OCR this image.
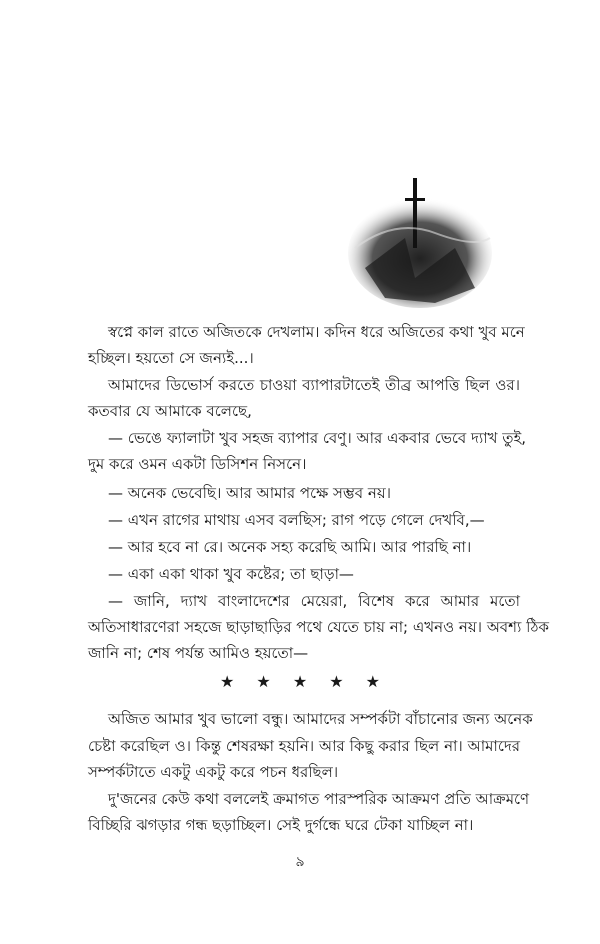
স্বপ্নে কাল রাতে অজিতকে দেখলাম। কদিন ধরে অজিতের কথা খুব মনে
হচ্ছিল। হয়তো সে জন্যই...।
আমাদের ডিভোর্স করতে চাওয়া ব্যাপারটাতেই তীব্র আপত্তি ছিল ওর।
কতবার যে আমাকে বলেছে,
— ভেঙে ফ্যালাটা খুব সহজ ব্যাপার বেণু। আর একবার ভেবে দ্যাখ তুই,
দুম করে ওমন একটা ডিসিশন নিসনে।
— অনেক ভেবেছি। আর আমার পক্ষে সম্ভব নয়।
— এখন রাগের মাথায় এসব বলছিস; রাগ পড়ে গেলে দেখবি,—
— আর হবে না রে। অনেক সহ্য করেছি আমি। আর পারছি না।
— একা একা থাকা খুব কষ্টের; তা ছাড়া—
— জানি, দ্যাখ বাংলাদেশের মেয়েরা, বিশেষ করে আমার মতো
অতিসাধারণেরা সহজে ছাড়াছাড়ির পথে যেতে চায় না; এখনও নয়। অবশ্য ঠিক
জানি না; শেষ পর্যন্ত আমিও হয়তো—
★ ★ ★ ★ ★
অজিত আমার খুব ভালো বন্ধু। আমাদের সম্পর্কটা বাঁচানোর জন্য অনেক
চেষ্টা করেছিল ও। কিন্তু শেষরক্ষা হয়নি। আর কিছু করার ছিল না। আমাদের
সম্পর্কটাতে একটু একটু করে পচন ধরছিল।
দু'জনের কেউ কথা বললেই ক্রমাগত পারস্পরিক আক্রমণ প্রতি আক্রমণে
বিচ্ছিরি ঝগড়ার গন্ধ ছড়াচ্ছিল। সেই দুর্গন্ধে ঘরে টেকা যাচ্ছিল না।
৯
